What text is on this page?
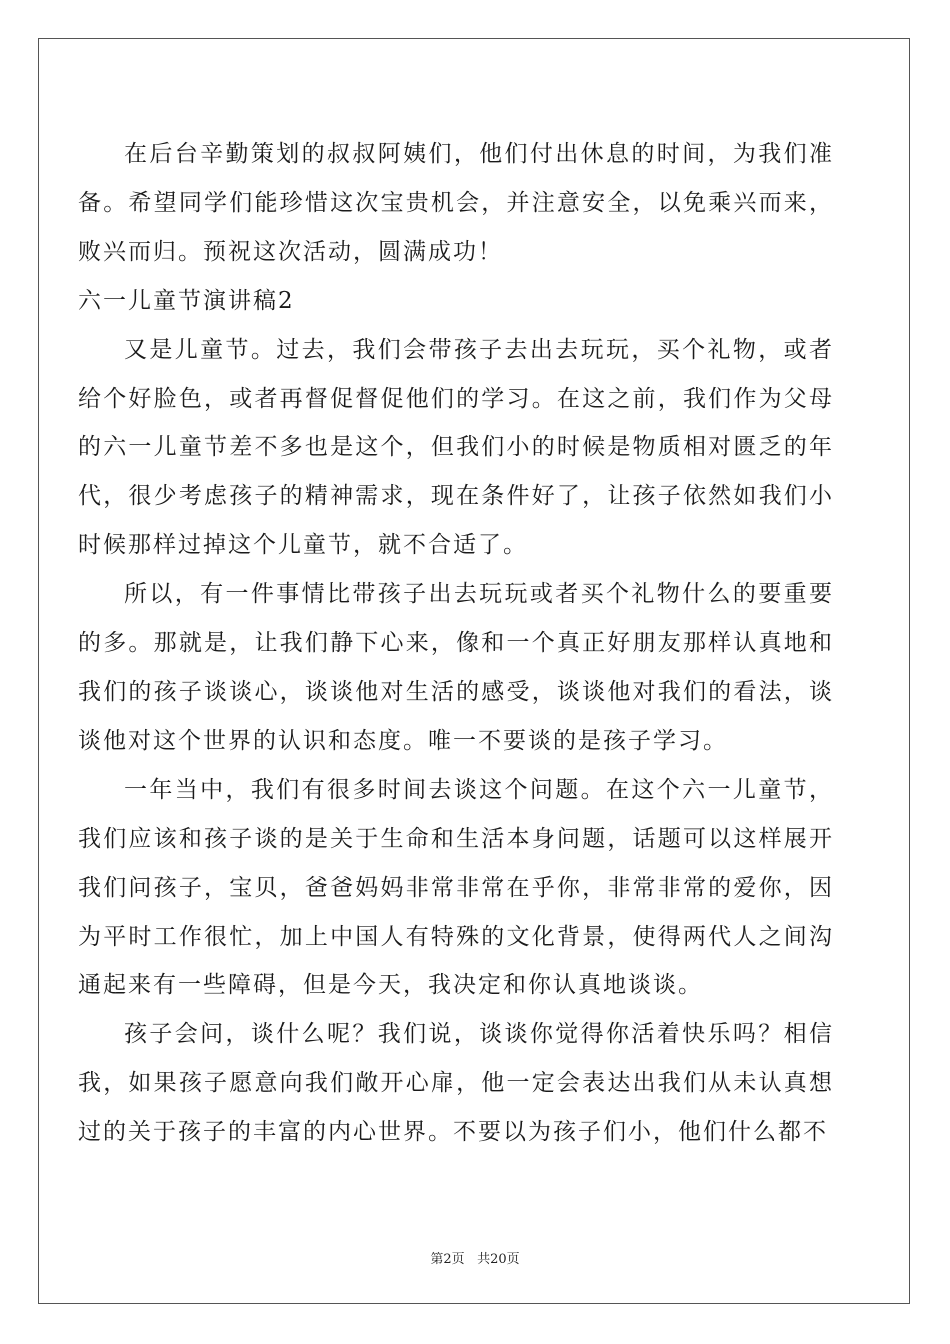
在后台辛勤策划的叔叔阿姨们，他们付出休息的时间，为我们准备。希望同学们能珍惜这次宝贵机会，并注意安全，以免乘兴而来，败兴而归。预祝这次活动，圆满成功！

六一儿童节演讲稿2

又是儿童节。过去，我们会带孩子去出去玩玩，买个礼物，或者给个好脸色，或者再督促督促他们的学习。在这之前，我们作为父母的六一儿童节差不多也是这个，但我们小的时候是物质相对匮乏的年代，很少考虑孩子的精神需求，现在条件好了，让孩子依然如我们小时候那样过掉这个儿童节，就不合适了。

所以，有一件事情比带孩子出去玩玩或者买个礼物什么的要重要的多。那就是，让我们静下心来，像和一个真正好朋友那样认真地和我们的孩子谈谈心，谈谈他对生活的感受，谈谈他对我们的看法，谈谈他对这个世界的认识和态度。唯一不要谈的是孩子学习。

一年当中，我们有很多时间去谈这个问题。在这个六一儿童节，我们应该和孩子谈的是关于生命和生活本身问题，话题可以这样展开我们问孩子，宝贝，爸爸妈妈非常非常在乎你，非常非常的爱你，因为平时工作很忙，加上中国人有特殊的文化背景，使得两代人之间沟通起来有一些障碍，但是今天，我决定和你认真地谈谈。

孩子会问，谈什么呢？我们说，谈谈你觉得你活着快乐吗？相信我，如果孩子愿意向我们敞开心扉，他一定会表达出我们从未认真想过的关于孩子的丰富的内心世界。不要以为孩子们小，他们什么都不

第2页 共20页
